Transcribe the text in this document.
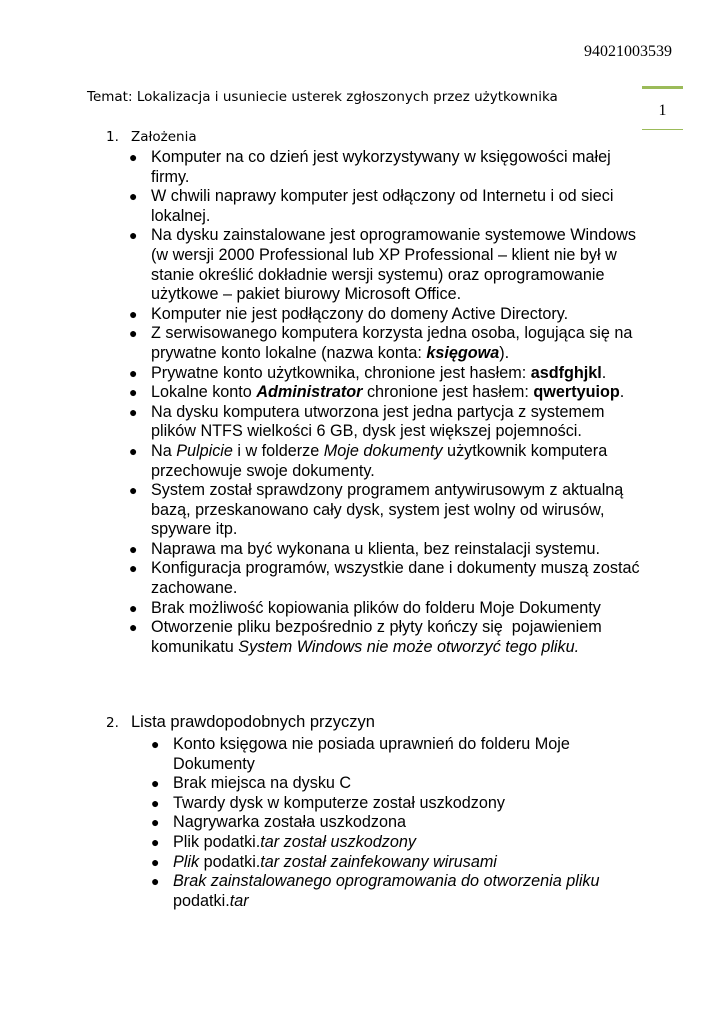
94021003539
1
Temat: Lokalizacja i usuniecie usterek zgłoszonych przez użytkownika
1. Założenia
● Komputer na co dzień jest wykorzystywany w księgowości małej firmy.
● W chwili naprawy komputer jest odłączony od Internetu i od sieci lokalnej.
● Na dysku zainstalowane jest oprogramowanie systemowe Windows (w wersji 2000 Professional lub XP Professional – klient nie był w stanie określić dokładnie wersji systemu) oraz oprogramowanie użytkowe – pakiet biurowy Microsoft Office.
● Komputer nie jest podłączony do domeny Active Directory.
● Z serwisowanego komputera korzysta jedna osoba, logująca się na prywatne konto lokalne (nazwa konta: księgowa).
● Prywatne konto użytkownika, chronione jest hasłem: asdfghjkl.
● Lokalne konto Administrator chronione jest hasłem: qwertyuiop.
● Na dysku komputera utworzona jest jedna partycja z systemem plików NTFS wielkości 6 GB, dysk jest większej pojemności.
● Na Pulpicie i w folderze Moje dokumenty użytkownik komputera przechowuje swoje dokumenty.
● System został sprawdzony programem antywirusowym z aktualną bazą, przeskanowano cały dysk, system jest wolny od wirusów, spyware itp.
● Naprawa ma być wykonana u klienta, bez reinstalacji systemu.
● Konfiguracja programów, wszystkie dane i dokumenty muszą zostać zachowane.
● Brak możliwość kopiowania plików do folderu Moje Dokumenty
● Otworzenie pliku bezpośrednio z płyty kończy się  pojawieniem komunikatu System Windows nie może otworzyć tego pliku.
2. Lista prawdopodobnych przyczyn
● Konto księgowa nie posiada uprawnień do folderu Moje Dokumenty
● Brak miejsca na dysku C
● Twardy dysk w komputerze został uszkodzony
● Nagrywarka została uszkodzona
● Plik podatki.tar został uszkodzony
● Plik podatki.tar został zainfekowany wirusami
● Brak zainstalowanego oprogramowania do otworzenia pliku podatki.tar
